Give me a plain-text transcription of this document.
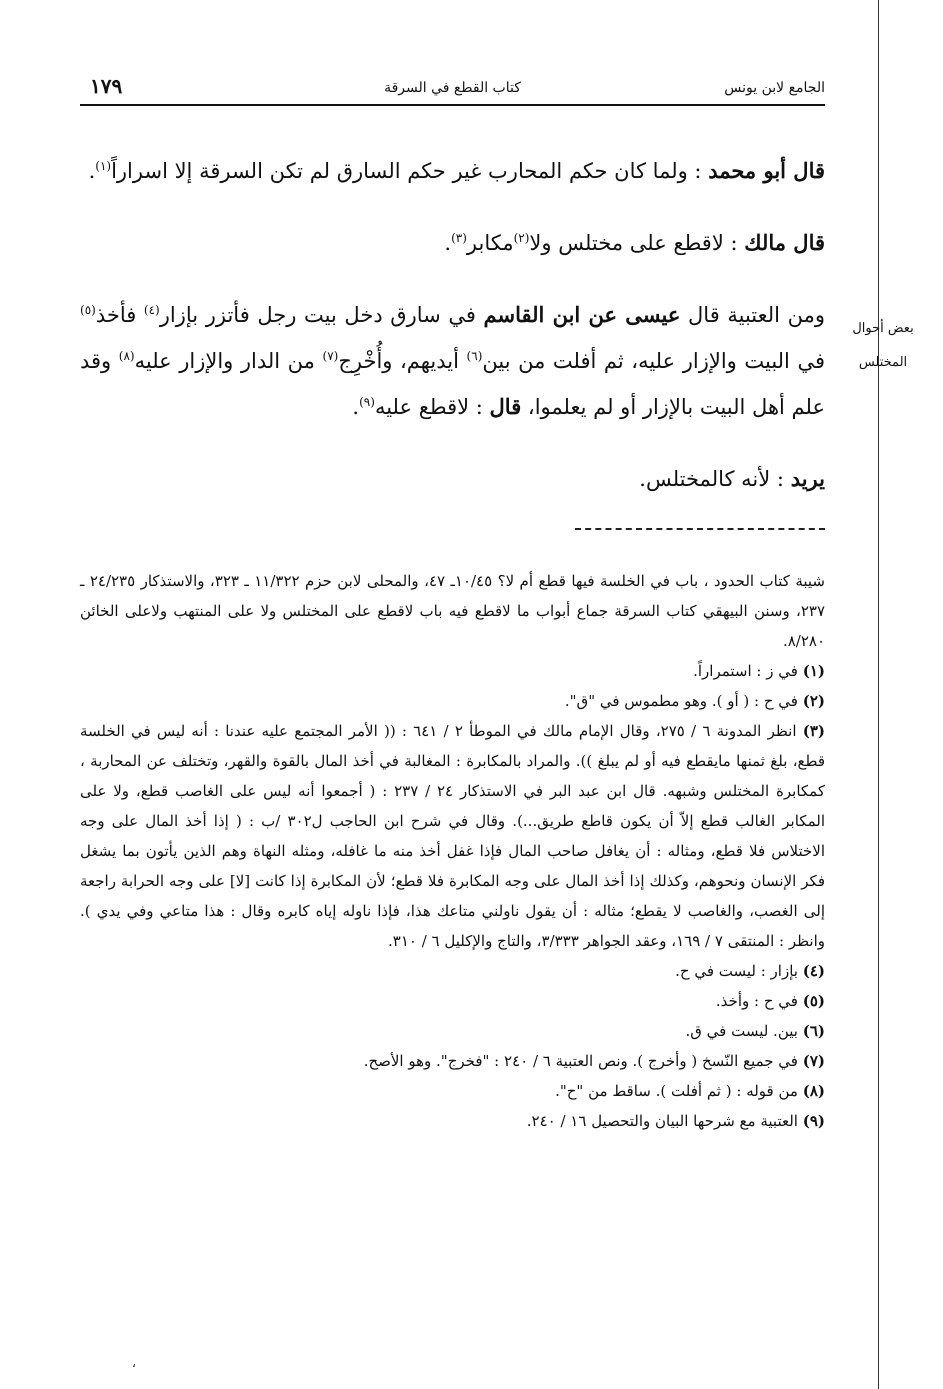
بعض أحوال
المختلس
الجامع لابن يونس
كتاب القطع في السرقة
١٧٩

قال أبو محمد : ولما كان حكم المحارب غير حكم السارق لم تكن السرقة إلا اسراراً$^{(١)}$.

قال مالك : لاقطع على مختلس ولا$^{(٢)}$مكابر$^{(٣)}$.

ومن العتبية قال عيسى عن ابن القاسم في سارق دخل بيت رجل فأتزر بإزار$^{(٤)}$ فأخذ$^{(٥)}$ في البيت والإزار عليه، ثم أفلت من بين$^{(٦)}$ أيديهم، وأُخْرِج$^{(٧)}$ من الدار والإزار عليه$^{(٨)}$ وقد علم أهل البيت بالإزار أو لم يعلموا، قال : لاقطع عليه$^{(٩)}$.

يريد : لأنه كالمختلس.

شيبة كتاب الحدود ، باب في الخلسة فيها قطع أم لا؟ ١٠/٤٥ـ ٤٧، والمحلى لابن حزم ١١/٣٢٢ ـ ٣٢٣، والاستذكار ٢٤/٢٣٥ ـ ٢٣٧، وسنن البيهقي كتاب السرقة جماع أبواب ما لاقطع فيه باب لاقطع على المختلس ولا على المنتهب ولاعلى الخائن ٨/٢٨٠.

(١) في ز : استمراراً.

(٢) في ح : ( أو ). وهو مطموس في "ق".

(٣) انظر المدونة ٦ / ٢٧٥، وقال الإمام مالك في الموطأ ٢ / ٦٤١ : (( الأمر المجتمع عليه عندنا : أنه ليس في الخلسة قطع، بلغ ثمنها مايقطع فيه أو لم يبلغ )). والمراد بالمكابرة : المغالبة في أخذ المال بالقوة والقهر، وتختلف عن المحاربة ، كمكابرة المختلس وشبهه. قال ابن عبد البر في الاستذكار ٢٤ / ٢٣٧ : ( أجمعوا أنه ليس على الغاصب قطع، ولا على المكابر الغالب قطع إلاّ أن يكون قاطع طريق...). وقال في شرح ابن الحاجب ل٣٠٢ /ب : ( إذا أخذ المال على وجه الاختلاس فلا قطع، ومثاله : أن يغافل صاحب المال فإذا غفل أخذ منه ما غافله، ومثله النهاة وهم الذين يأتون بما يشغل فكر الإنسان ونحوهم، وكذلك إذا أخذ المال على وجه المكابرة فلا قطع؛ لأن المكابرة إذا كانت [لا] على وجه الحرابة راجعة إلى الغصب، والغاصب لا يقطع؛ مثاله : أن يقول ناولني متاعك هذا، فإذا ناوله إياه كابره وقال : هذا متاعي وفي يدي ). وانظر : المنتقى ٧ / ١٦٩، وعقد الجواهر ٣/٣٣٣، والتاج والإكليل ٦ / ٣١٠.

(٤) بإزار : ليست في ح.

(٥) في ح : وأخذ.

(٦) بين. ليست في ق.

(٧) في جميع النّسخ ( وأخرج ). ونص العتبية ٦ / ٢٤٠ : "فخرج". وهو الأصح.

(٨) من قوله : ( ثم أفلت ). ساقط من "ح".

(٩) العتبية مع شرحها البيان والتحصيل ١٦ / ٢٤٠.

،
